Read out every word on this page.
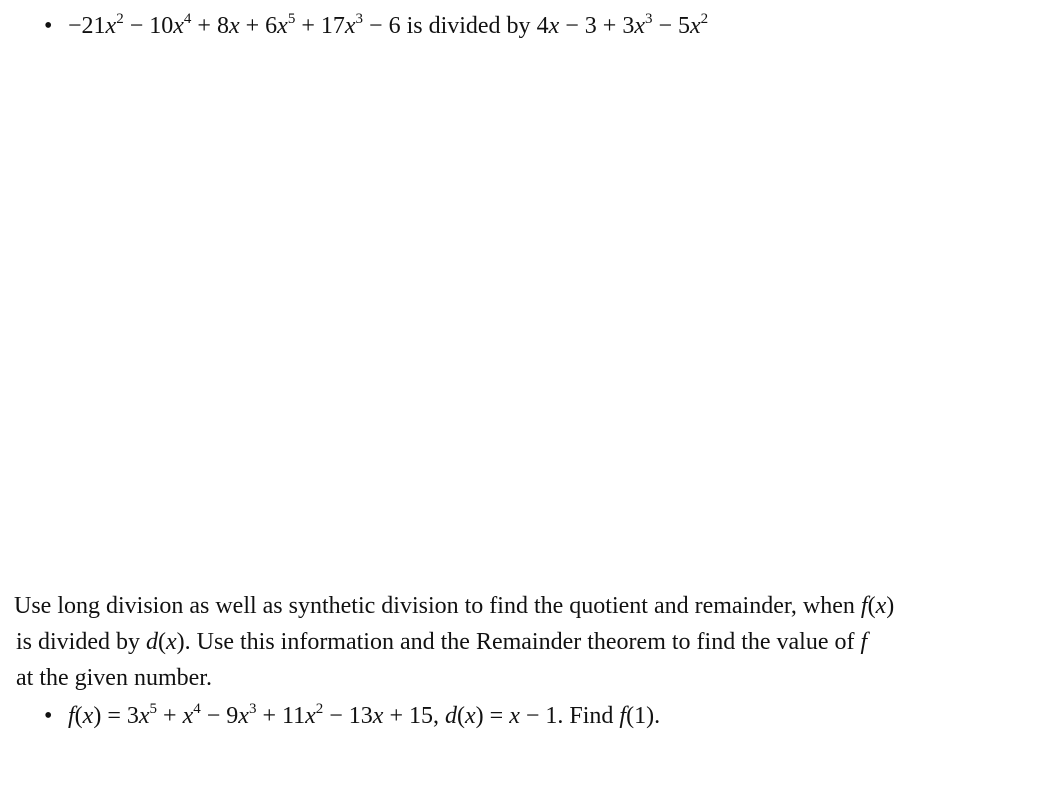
• $-21x^2 - 10x^4 + 8x + 6x^5 + 17x^3 - 6$ is divided by $4x - 3 + 3x^3 - 5x^2$
Use long division as well as synthetic division to find the quotient and remainder, when f(x)
is divided by d(x). Use this information and the Remainder theorem to find the value of f
at the given number.
• $f(x) = 3x^5 + x^4 - 9x^3 + 11x^2 - 13x + 15$, d(x) = x − 1. Find f(1).
